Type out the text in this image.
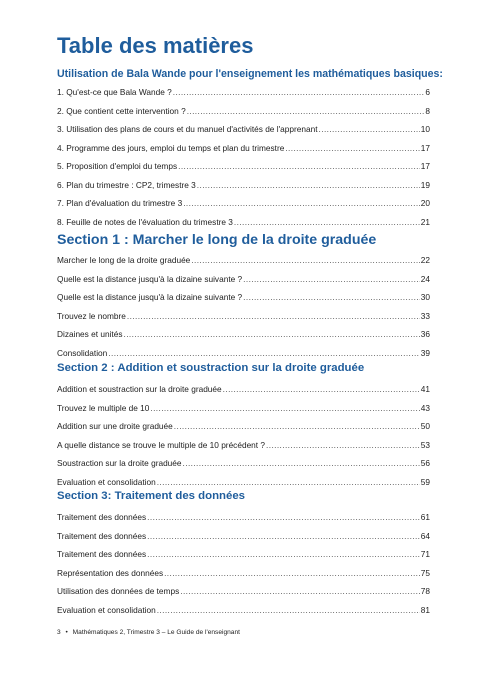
Table des matières
Utilisation de Bala Wande pour l'enseignement les mathématiques basiques:
1. Qu'est-ce que Bala Wande ? .....	6
2. Que contient cette intervention ? .....	8
3. Utilisation des plans de cours et du manuel d'activités de l'apprenant .....	10
4. Programme des jours, emploi du temps et plan du trimestre .....	17
5. Proposition d'emploi du temps .....	17
6. Plan du trimestre : CP2, trimestre 3 .....	19
7. Plan d'évaluation du trimestre 3 .....	20
8. Feuille de notes de l'évaluation du trimestre 3 .....	21
Section 1 : Marcher le long de la droite graduée
Marcher le long de la droite graduée .....	22
Quelle est la distance jusqu'à la dizaine suivante ? .....	24
Quelle est la distance jusqu'à la dizaine suivante ? .....	30
Trouvez le nombre .....	33
Dizaines et unités .....	36
Consolidation .....	39
Section 2 : Addition et soustraction sur la droite graduée
Addition et soustraction sur la droite graduée .....	41
Trouvez le multiple de 10 .....	43
Addition sur une droite graduée .....	50
A quelle distance se trouve le multiple de 10 précédent ? .....	53
Soustraction sur la droite graduée .....	56
Evaluation et consolidation .....	59
Section 3: Traitement des données
Traitement des données .....	61
Traitement des données .....	64
Traitement des données .....	71
Représentation des données .....	75
Utilisation des données de temps .....	78
Evaluation et consolidation .....	81
3 • Mathématiques 2, Trimestre 3 – Le Guide de l'enseignant
